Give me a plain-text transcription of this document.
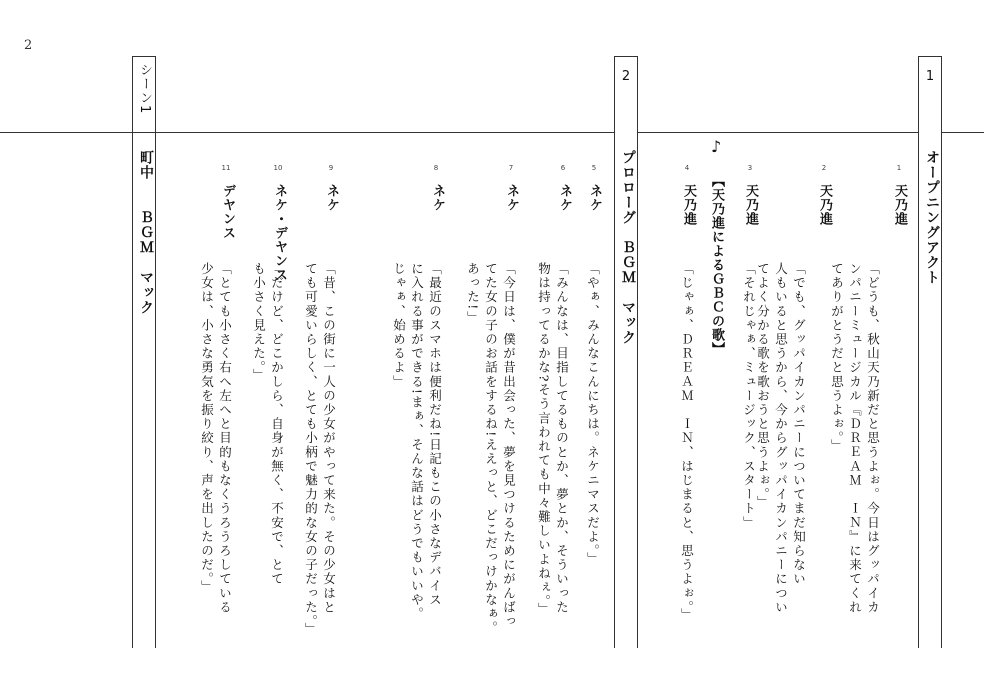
2
1
オープニングアクト
2
プロローグ　ＢＧＭ　マック
シーン1
町中　　ＢＧＭ　マック	1
天乃進
「どうも、秋山天乃新だと思うよぉ。今日はグッパイカ
ンパニーミュージカル『ＤＲＥＡＭ　ＩＮ』に来てくれ
てありがとうだと思うよぉ。」
2
天乃進
「でも、グッパイカンパニーについてまだ知らない
人もいると思うから、今からグッパイカンパニーについ
てよく分かる歌を歌おうと思うよぉ。」
3
天乃進
「それじゃぁ、ミュージック、スタート」
♪
【天乃進によるＧＢＣの歌】
4
天乃進
「じゃぁ、ＤＲＥＡＭ　ＩＮ、はじまると、思うよぉ。」
5
ネケ
「やぁ、みんなこんにちは。ネケニマスだよ。」
6
ネケ
「みんなは、目指してるものとか、夢とか、そういった
物は持ってるかな?そう言われても中々難しいよねぇ。」
7
ネケ
「今日は、僕が昔出会った、夢を見つけるためにがんばっ
てた女の子のお話をするね!ええっと、どこだっけかなぁ。
あった!」
8
ネケ
「最近のスマホは便利だね!日記もこの小さなデバイス
に入れる事ができる!まぁ、そんな話はどうでもいいや。
じゃぁ、始めるよ」
9
ネケ
「昔、この街に一人の少女がやって来た。その少女はと
ても可愛いらしく、とても小柄で魅力的な女の子だった。」
10
ネケ・デヤンス
「だけど、どこかしら、自身が無く、不安で、とて
も小さく見えた。」
11
デヤンス
「とても小さく右へ左へと目的もなくうろうろしている
少女は、小さな勇気を振り絞り、声を出したのだ。」
